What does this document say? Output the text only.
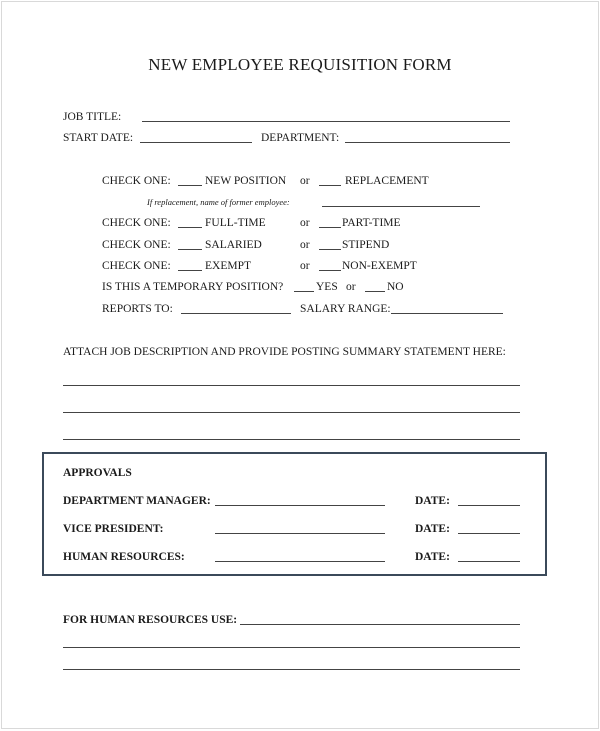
NEW EMPLOYEE REQUISITION FORM
JOB TITLE:
START DATE:	DEPARTMENT:
CHECK ONE:	NEW POSITION or	REPLACEMENT
If replacement, name of former employee:
CHECK ONE:	FULL-TIME	or	PART-TIME
CHECK ONE:	SALARIED	or	STIPEND
CHECK ONE:	EXEMPT	or	NON-EXEMPT
IS THIS A TEMPORARY POSITION?	YES or	NO
REPORTS TO:	SALARY RANGE:
ATTACH JOB DESCRIPTION AND PROVIDE POSTING SUMMARY STATEMENT HERE:
APPROVALS
DEPARTMENT MANAGER:	DATE:
VICE PRESIDENT:	DATE:
HUMAN RESOURCES:	DATE:
FOR HUMAN RESOURCES USE:
